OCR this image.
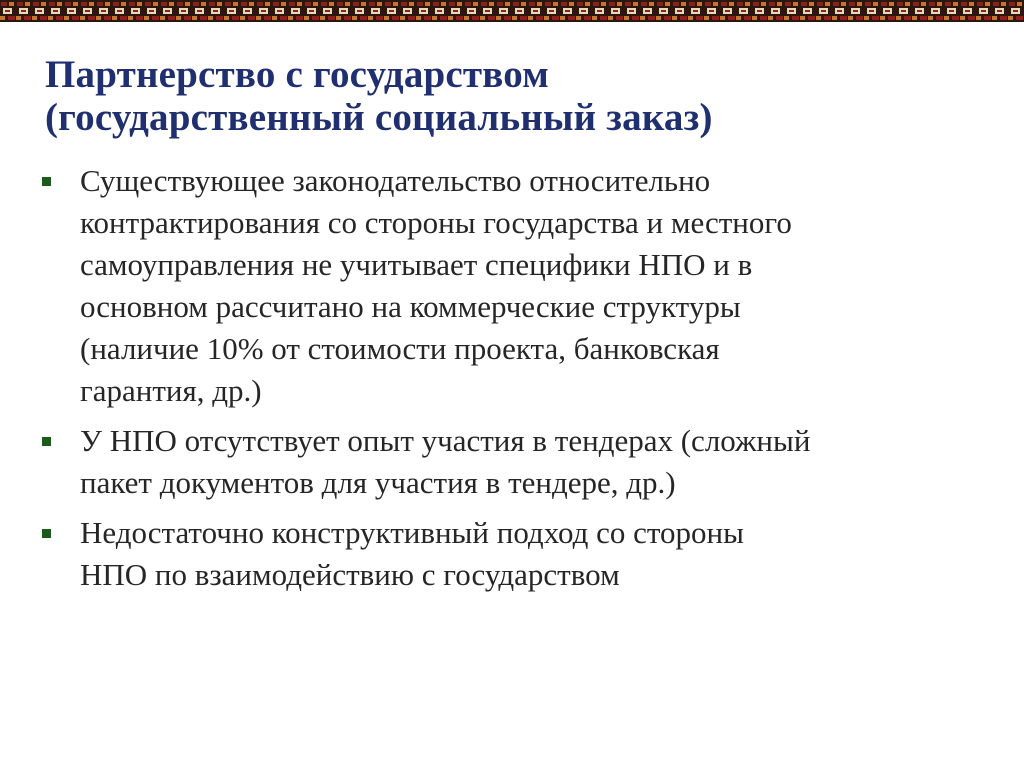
Партнерство с государством
(государственный социальный заказ)
Существующее законодательство относительно
контрактирования со стороны государства и местного
самоуправления не учитывает специфики НПО и в
основном рассчитано на коммерческие структуры
(наличие 10% от стоимости проекта, банковская
гарантия, др.)
У НПО отсутствует опыт участия в тендерах (сложный
пакет документов для участия в тендере, др.)
Недостаточно конструктивный подход со стороны
НПО по взаимодействию с государством
